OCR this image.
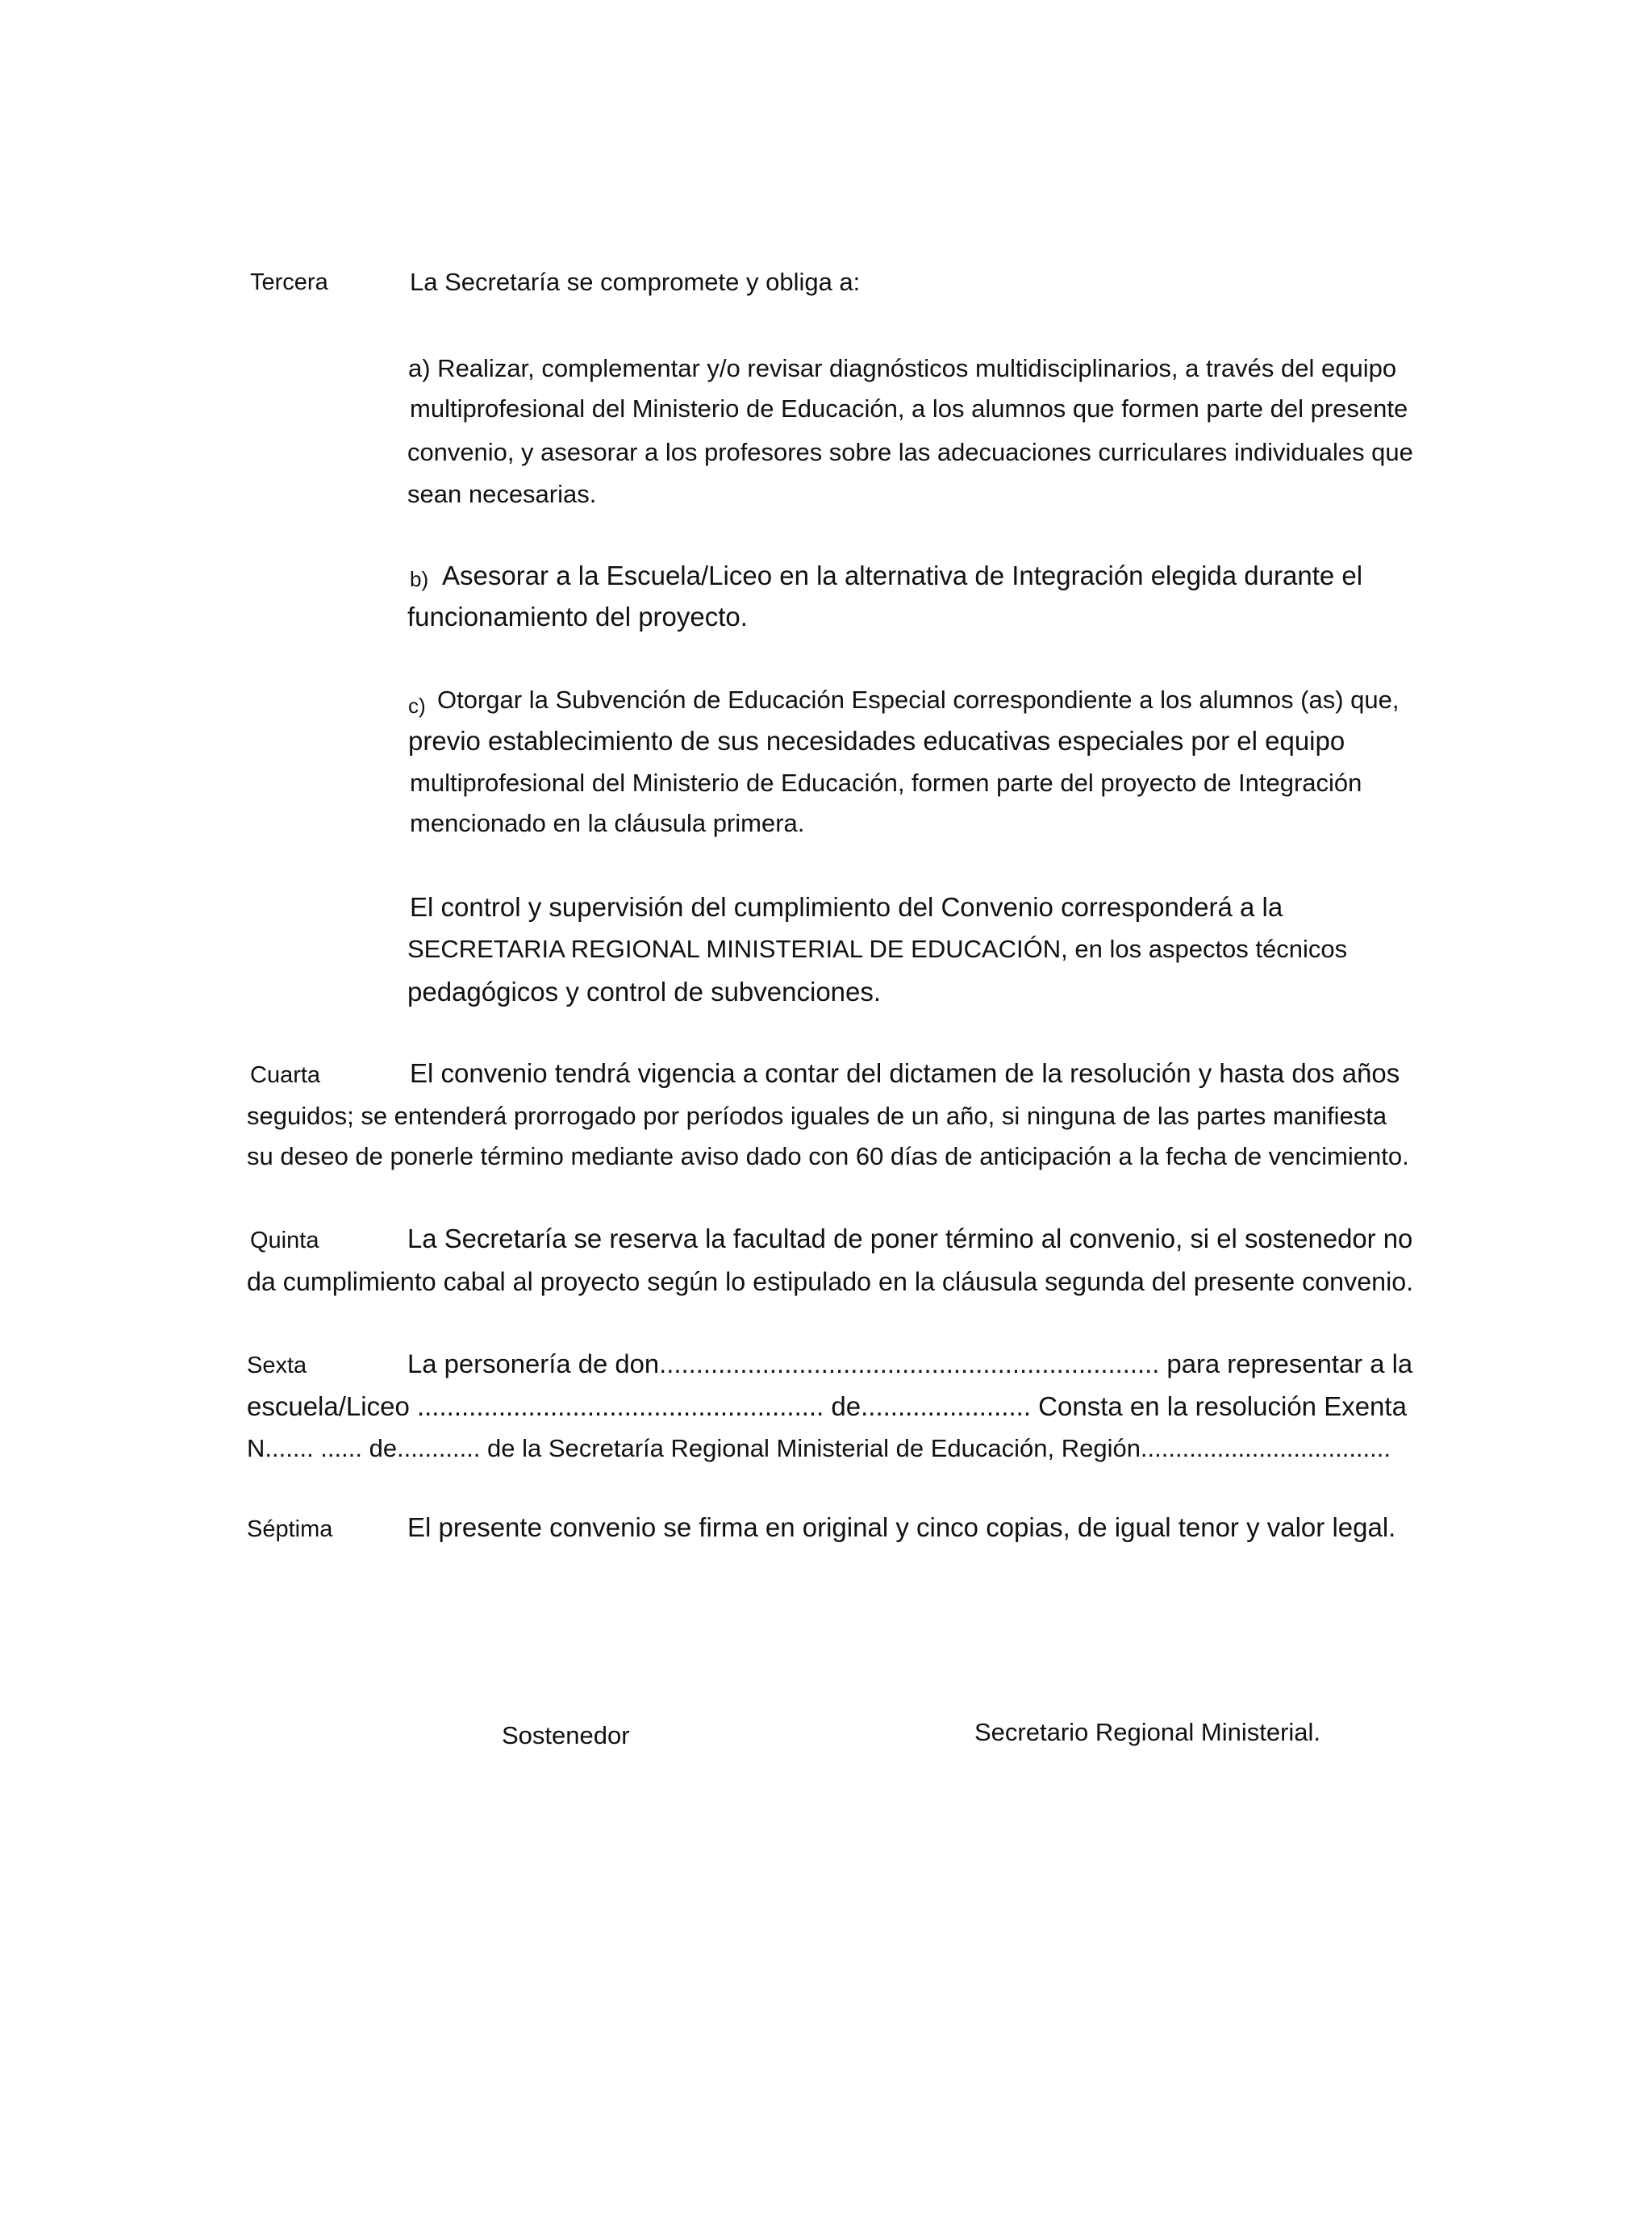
Tercera	La Secretaría se compromete y obliga a:
a) Realizar, complementar y/o revisar diagnósticos multidisciplinarios, a través del equipo
multiprofesional del Ministerio de Educación, a los alumnos que formen parte del presente
convenio, y asesorar a los profesores sobre las adecuaciones curriculares individuales que
sean necesarias.
b) Asesorar a la Escuela/Liceo en la alternativa de Integración elegida durante el
funcionamiento del proyecto.
c) Otorgar la Subvención de Educación Especial correspondiente a los alumnos (as) que,
previo establecimiento de sus necesidades educativas especiales por el equipo
multiprofesional del Ministerio de Educación, formen parte del proyecto de Integración
mencionado en la cláusula primera.
El control y supervisión del cumplimiento del Convenio corresponderá a la
SECRETARIA REGIONAL MINISTERIAL DE EDUCACIÓN, en los aspectos técnicos
pedagógicos y control de subvenciones.
Cuarta	El convenio tendrá vigencia a contar del dictamen de la resolución y hasta dos años
seguidos; se entenderá prorrogado por períodos iguales de un año, si ninguna de las partes manifiesta
su deseo de ponerle término mediante aviso dado con 60 días de anticipación a la fecha de vencimiento.
Quinta	La Secretaría se reserva la facultad de poner término al convenio, si el sostenedor no
da cumplimiento cabal al proyecto según lo estipulado en la cláusula segunda del presente convenio.
Sexta	La personería de don.................................................................... para representar a la
escuela/Liceo ....................................................... de....................... Consta en la resolución Exenta
N....... ...... de............ de la Secretaría Regional Ministerial de Educación, Región....................................
Séptima	El presente convenio se firma en original y cinco copias, de igual tenor y valor legal.
Sostenedor	Secretario Regional Ministerial.
